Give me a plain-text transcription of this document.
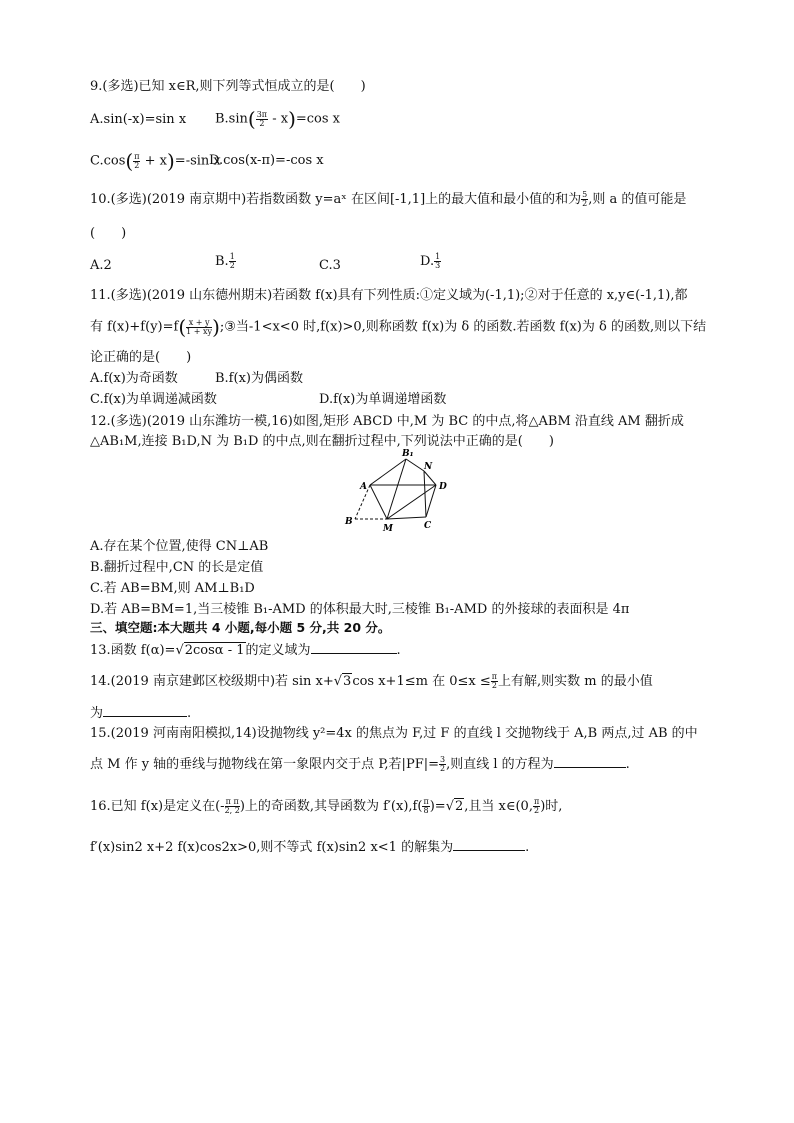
9.(多选)已知 x∈R,则下列等式恒成立的是(　　)
A.sin(-x)=sin x $B.\sin( \frac{3\pi}{2} - x)=\cos$ x
$C.\cos( \frac{\pi}{2} + x)=-\sin$ x
D.cos(x-π)=-cos x
10.(多选)(2019 南京期中)若指数函数 y=aˣ 在区间[-1,1]上的最大值和最小值的和为 $\frac{5}{2}$ ,则 a 的值可能是
(　　)
A.2	B. $\frac{1}{2}$	C.3	D. $\frac{1}{3}$
11.(多选)(2019 山东德州期末)若函数 f(x)具有下列性质:①定义域为(-1,1);②对于任意的 x,y∈(-1,1),都
有 $f(x)+f(y)=f( \frac{x + y}{1 + xy}$ );③当-1<x<0 时,f(x)>0,则称函数 f(x)为 δ 的函数.若函数 f(x)为 δ 的函数,则以下结
论正确的是(　　)
A.f(x)为奇函数	B.f(x)为偶函数
C.f(x)为单调递减函数	D.f(x)为单调递增函数
12.(多选)(2019 山东潍坊一模,16)如图,矩形 ABCD 中,M 为 BC 的中点,将△ABM 沿直线 AM 翻折成
△AB₁M,连接 B₁D,N 为 B₁D 的中点,则在翻折过程中,下列说法中正确的是(　　)
B₁
N
A	D
B
M	C
A.存在某个位置,使得 CN⊥AB
B.翻折过程中,CN 的长是定值
C.若 AB=BM,则 AM⊥B₁D
D.若 AB=BM=1,当三棱锥 B₁-AMD 的体积最大时,三棱锥 B₁-AMD 的外接球的表面积是 4π
三、填空题:本大题共 4 小题,每小题 5 分,共 20 分。
13.函数 f(α)=√2cosα - 1的定义域为	.
14.(2019 南京建邺区校级期中)若 sin x+√3cos x+1≤m 在 $0\le x \le \frac{\pi}{2}$ 上有解,则实数 m 的最小值
为	.
15.(2019 河南南阳模拟,14)设抛物线 y²=4x 的焦点为 F,过 F 的直线 l 交抛物线于 A,B 两点,过 AB 的中
点 M 作 y 轴的垂线与抛物线在第一象限内交于点 P,若$|PF|= \frac{3}{2}$ ,则直线 l 的方程为	.
16.已知 f(x)是定义在(- $\frac{\text{π π}}{2, 2}$ )上的奇函数,其导函数为 $f'(x),f( \frac{\pi}{8} )=√2$,且当 x∈(0, $\frac{\pi}{2}$ )时,
f′(x)sin2 x+2 f(x)cos2x>0,则不等式 f(x)sin2 x<1 的解集为	.
